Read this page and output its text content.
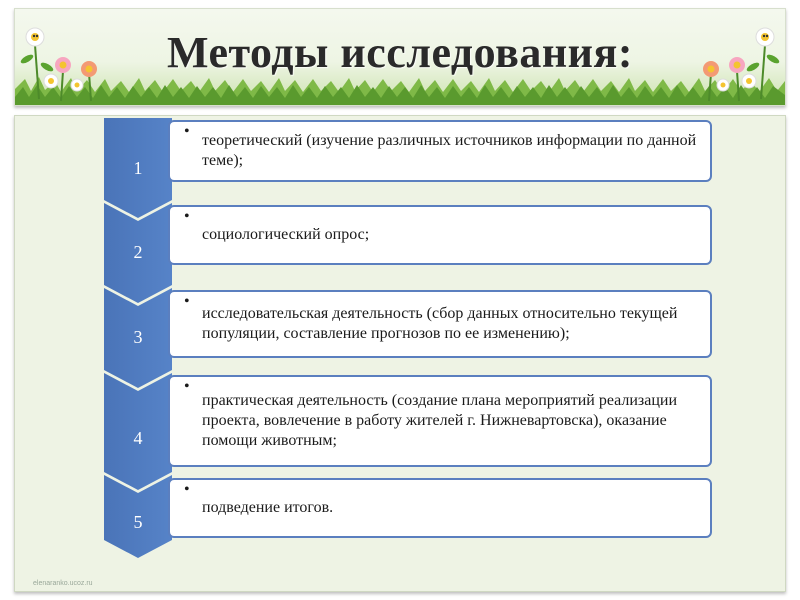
Методы исследования:
elenaranko.ucoz.ru
1
2
3
4
5
•
теоретический (изучение различных источников информации по данной теме);
•
социологический опрос;
•
исследовательская деятельность (сбор данных относительно текущей популяции, составление прогнозов по ее изменению);
•
практическая деятельность (создание плана мероприятий реализации проекта, вовлечение в работу жителей г. Нижневартовска), оказание помощи животным;
•
подведение итогов.
